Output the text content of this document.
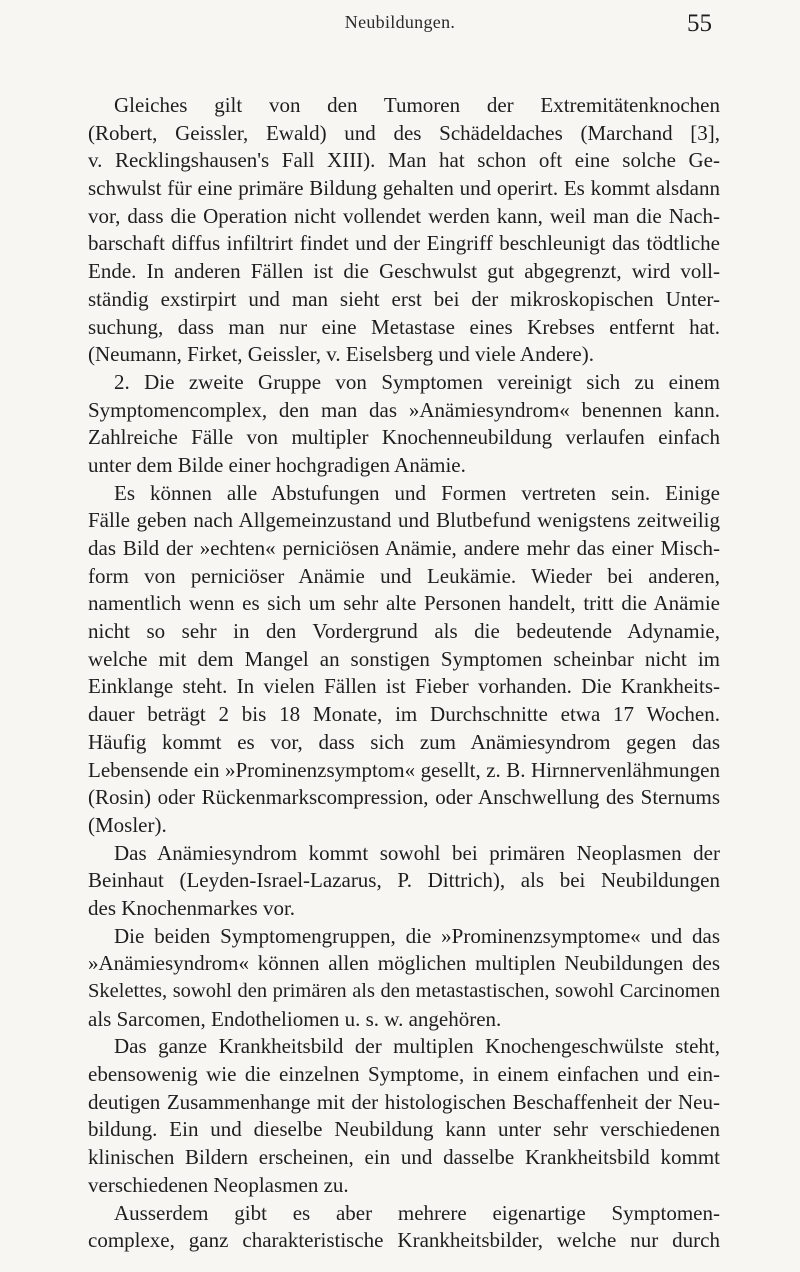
Neubildungen.	55
Gleiches gilt von den Tumoren der Extremitätenknochen
(Robert, Geissler, Ewald) und des Schädeldaches (Marchand [3],
v. Recklingshausen's Fall XIII). Man hat schon oft eine solche Ge-
schwulst für eine primäre Bildung gehalten und operirt. Es kommt alsdann
vor, dass die Operation nicht vollendet werden kann, weil man die Nach-
barschaft diffus infiltrirt findet und der Eingriff beschleunigt das tödtliche
Ende. In anderen Fällen ist die Geschwulst gut abgegrenzt, wird voll-
ständig exstirpirt und man sieht erst bei der mikroskopischen Unter-
suchung, dass man nur eine Metastase eines Krebses entfernt hat.
(Neumann, Firket, Geissler, v. Eiselsberg und viele Andere).
2. Die zweite Gruppe von Symptomen vereinigt sich zu einem
Symptomencomplex, den man das »Anämiesyndrom« benennen kann.
Zahlreiche Fälle von multipler Knochenneubildung verlaufen einfach
unter dem Bilde einer hochgradigen Anämie.
Es können alle Abstufungen und Formen vertreten sein. Einige
Fälle geben nach Allgemeinzustand und Blutbefund wenigstens zeitweilig
das Bild der »echten« perniciösen Anämie, andere mehr das einer Misch-
form von perniciöser Anämie und Leukämie. Wieder bei anderen,
namentlich wenn es sich um sehr alte Personen handelt, tritt die Anämie
nicht so sehr in den Vordergrund als die bedeutende Adynamie,
welche mit dem Mangel an sonstigen Symptomen scheinbar nicht im
Einklange steht. In vielen Fällen ist Fieber vorhanden. Die Krankheits-
dauer beträgt 2 bis 18 Monate, im Durchschnitte etwa 17 Wochen.
Häufig kommt es vor, dass sich zum Anämiesyndrom gegen das
Lebensende ein »Prominenzsymptom« gesellt, z. B. Hirnnervenlähmungen
(Rosin) oder Rückenmarkscompression, oder Anschwellung des Sternums
(Mosler).
Das Anämiesyndrom kommt sowohl bei primären Neoplasmen der
Beinhaut (Leyden-Israel-Lazarus, P. Dittrich), als bei Neubildungen
des Knochenmarkes vor.
Die beiden Symptomengruppen, die »Prominenzsymptome« und das
»Anämiesyndrom« können allen möglichen multiplen Neubildungen des
Skelettes, sowohl den primären als den metastastischen, sowohl Carcinomen
als Sarcomen, Endotheliomen u. s. w. angehören.
Das ganze Krankheitsbild der multiplen Knochengeschwülste steht,
ebensowenig wie die einzelnen Symptome, in einem einfachen und ein-
deutigen Zusammenhange mit der histologischen Beschaffenheit der Neu-
bildung. Ein und dieselbe Neubildung kann unter sehr verschiedenen
klinischen Bildern erscheinen, ein und dasselbe Krankheitsbild kommt
verschiedenen Neoplasmen zu.
Ausserdem gibt es aber mehrere eigenartige Symptomen-
complexe, ganz charakteristische Krankheitsbilder, welche nur durch
